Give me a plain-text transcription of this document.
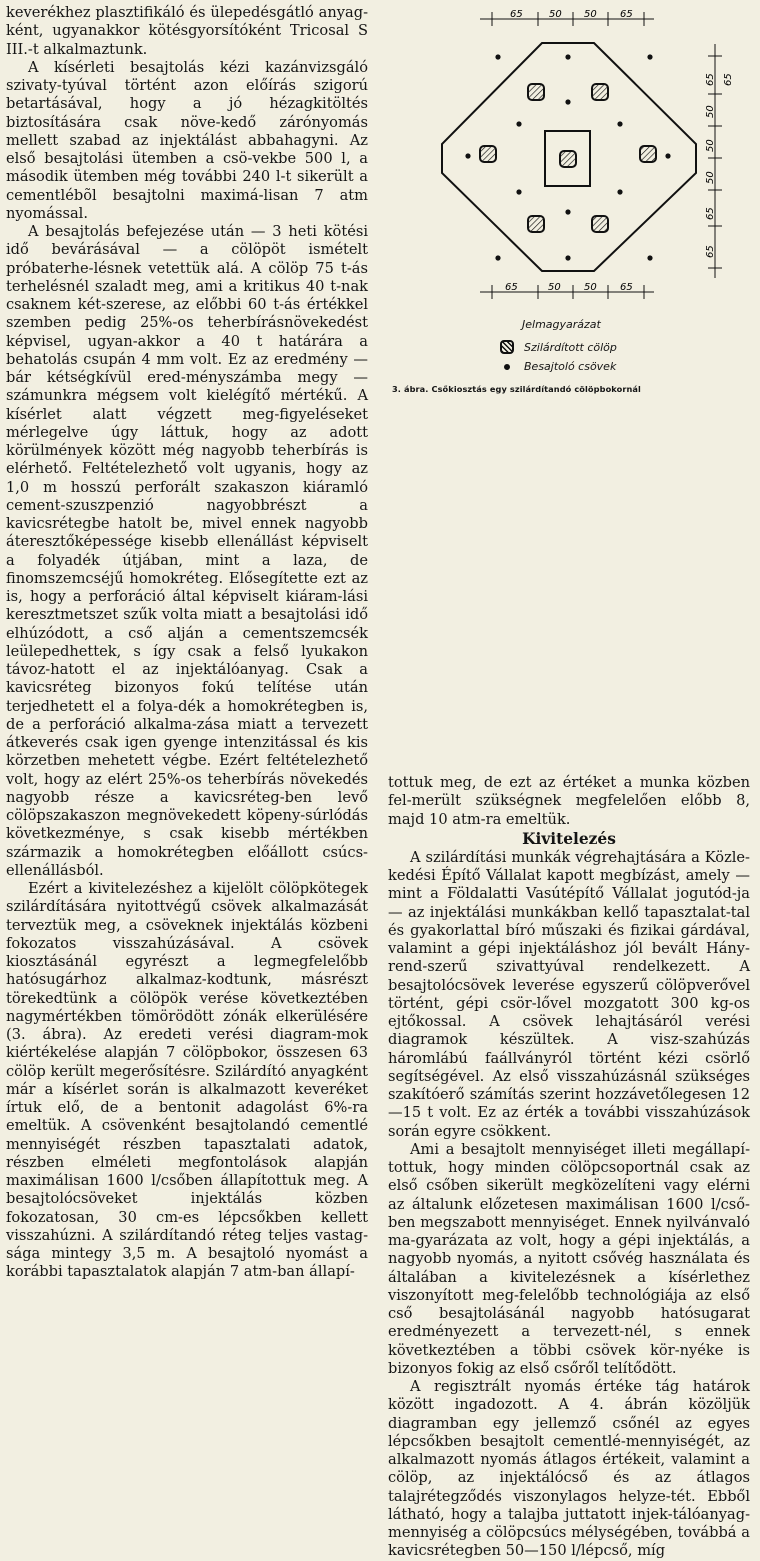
keverékhez plasztifikáló és ülepedésgátló anyag-ként, ugyanakkor kötésgyorsítóként Tricosal S III.-t alkalmaztunk.

A kísérleti besajtolás kézi kazánvizsgáló szivaty-tyúval történt azon előírás szigorú betartásával, hogy a jó hézagkitöltés biztosítására csak növe-kedő zárónyomás mellett szabad az injektálást abbahagyni. Az első besajtolási ütemben a csö-vekbe 500 l, a második ütemben még további 240 l-t sikerült a cementlébõl besajtolni maximá-lisan 7 atm nyomással.

A besajtolás befejezése után — 3 heti kötési idő bevárásával — a cölöpöt ismételt próbaterhe-lésnek vetettük alá. A cölöp 75 t-ás terhelésnél szaladt meg, ami a kritikus 40 t-nak csaknem két-szerese, az előbbi 60 t-ás értékkel szemben pedig 25%-os teherbírásnövekedést képvisel, ugyan-akkor a 40 t határára a behatolás csupán 4 mm volt. Ez az eredmény — bár kétségkívül ered-ményszámba megy — számunkra mégsem volt kielégítő mértékű. A kísérlet alatt végzett meg-figyeléseket mérlegelve úgy láttuk, hogy az adott körülmények között még nagyobb teherbírás is elérhető. Feltételezhető volt ugyanis, hogy az 1,0 m hosszú perforált szakaszon kiáramló cement-szuszpenzió nagyobbrészt a kavicsrétegbe hatolt be, mivel ennek nagyobb áteresztőképessége kisebb ellenállást képviselt a folyadék útjában, mint a laza, de finomszemcséjű homokréteg. Elősegítette ezt az is, hogy a perforáció által képviselt kiáram-lási keresztmetszet szűk volta miatt a besajtolási idő elhúzódott, a cső alján a cementszemcsék leülepedhettek, s így csak a felső lyukakon távoz-hatott el az injektálóanyag. Csak a kavicsréteg bizonyos fokú telítése után terjedhetett el a folya-dék a homokrétegben is, de a perforáció alkalma-zása miatt a tervezett átkeverés csak igen gyenge intenzitással és kis körzetben mehetett végbe. Ezért feltételezhető volt, hogy az elért 25%-os teherbírás növekedés nagyobb része a kavicsréteg-ben levő cölöpszakaszon megnövekedett köpeny-súrlódás következménye, s csak kisebb mértékben származik a homokrétegben előállott csúcs-ellenállásból.

Ezért a kivitelezéshez a kijelölt cölöpkötegek szilárdítására nyitottvégű csövek alkalmazását terveztük meg, a csöveknek injektálás közbeni fokozatos visszahúzásával. A csövek kiosztásánál egyrészt a legmegfelelőbb hatósugárhoz alkalmaz-kodtunk, másrészt törekedtünk a cölöpök verése következtében nagymértékben tömörödött zónák elkerülésére (3. ábra). Az eredeti verési diagram-mok kiértékelése alapján 7 cölöpbokor, összesen 63 cölöp került megerősítésre. Szilárdító anyagként már a kísérlet során is alkalmazott keveréket írtuk elő, de a bentonit adagolást 6%-ra emeltük. A csövenként besajtolandó cementlé mennyiségét részben tapasztalati adatok, részben elméleti megfontolások alapján maximálisan 1600 l/csőben állapítottuk meg. A besajtolócsöveket injektálás közben fokozatosan, 30 cm-es lépcsőkben kellett visszahúzni. A szilárdítandó réteg teljes vastag-sága mintegy 3,5 m. A besajtoló nyomást a korábbi tapasztalatok alapján 7 atm-ban állapí-

65	50 50 65
65 65
50
50
50
65
65
65	50 50 65
Jelmagyarázat
Szilárdított cölöp
Besajtoló csövek
3. ábra. Csőkiosztás egy szilárdítandó cölöpbokornál

tottuk meg, de ezt az értéket a munka közben fel-merült szükségnek megfelelően előbb 8, majd 10 atm-ra emeltük.

Kivitelezés

A szilárdítási munkák végrehajtására a Közle-kedési Építő Vállalat kapott megbízást, amely — mint a Földalatti Vasútépítő Vállalat jogutód-ja — az injektálási munkákban kellő tapasztalat-tal és gyakorlattal bíró műszaki és fizikai gárdával, valamint a gépi injektáláshoz jól bevált Hány-rend-szerű szivattyúval rendelkezett. A besajtolócsövek leverése egyszerű cölöpverővel történt, gépi csör-lővel mozgatott 300 kg-os ejtőkossal. A csövek lehajtásáról verési diagramok készültek. A visz-szahúzás háromlábú faállványról történt kézi csörlő segítségével. Az első visszahúzásnál szükséges szakítóerő számítás szerint hozzávetőlegesen 12—15 t volt. Ez az érték a további visszahúzások során egyre csökkent.

Ami a besajtolt mennyiséget illeti megállapí-tottuk, hogy minden cölöpcsoportnál csak az első csőben sikerült megközelíteni vagy elérni az általunk előzetesen maximálisan 1600 l/cső-ben megszabott mennyiséget. Ennek nyilvánvaló ma-gyarázata az volt, hogy a gépi injektálás, a nagyobb nyomás, a nyitott csővég használata és általában a kivitelezésnek a kísérlethez viszonyított meg-felelőbb technológiája az első cső besajtolásánál nagyobb hatósugarat eredményezett a tervezett-nél, s ennek következtében a többi csövek kör-nyéke is bizonyos fokig az első csőről telítődött.

A regisztrált nyomás értéke tág határok között ingadozott. A 4. ábrán közöljük diagramban egy jellemző csőnél az egyes lépcsőkben besajtolt cementlé-mennyiségét, az alkalmazott nyomás átlagos értékeit, valamint a cölöp, az injektálócső és az átlagos talajrétegződés viszonylagos helyze-tét. Ebből látható, hogy a talajba juttatott injek-tálóanyag-mennyiség a cölöpcsúcs mélységében, továbbá a kavicsrétegben 50—150 l/lépcső, míg
